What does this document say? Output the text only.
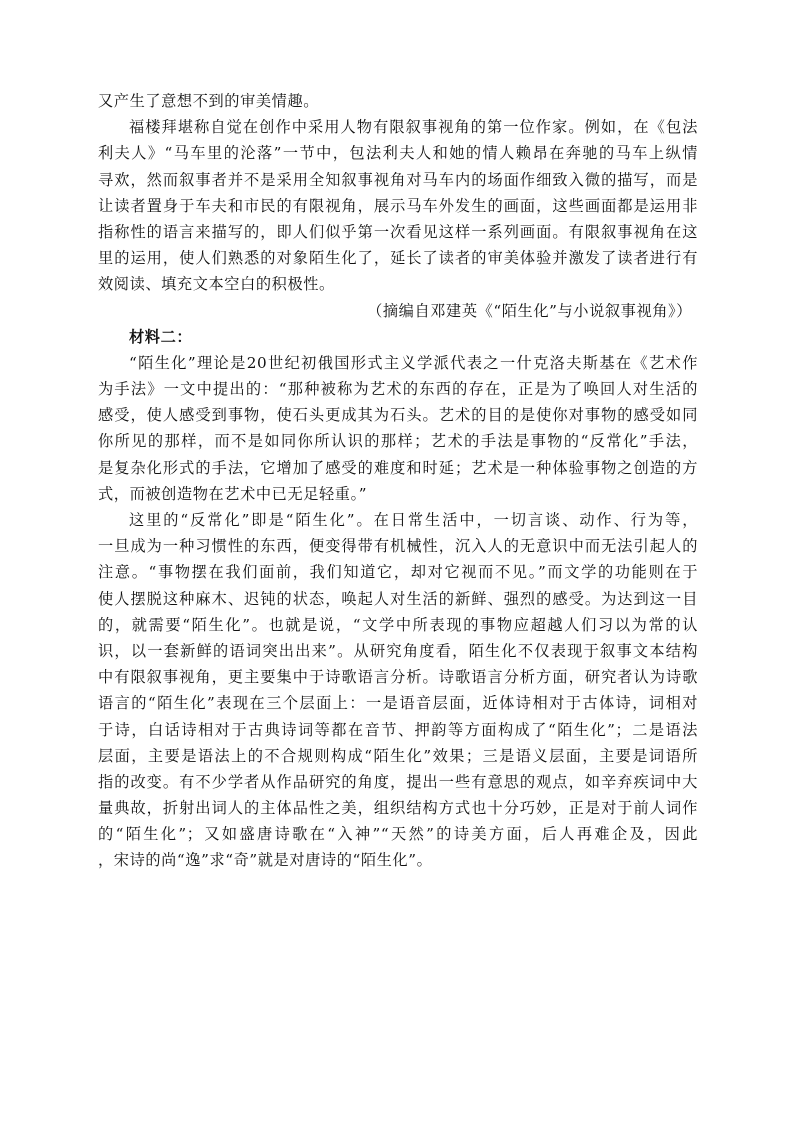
又产生了意想不到的审美情趣。
福楼拜堪称自觉在创作中采用人物有限叙事视角的第一位作家。例如，在《包法
利夫人》“马车里的沦落”一节中，包法利夫人和她的情人赖昂在奔驰的马车上纵情
寻欢，然而叙事者并不是采用全知叙事视角对马车内的场面作细致入微的描写，而是
让读者置身于车夫和市民的有限视角，展示马车外发生的画面，这些画面都是运用非
指称性的语言来描写的，即人们似乎第一次看见这样一系列画面。有限叙事视角在这
里的运用，使人们熟悉的对象陌生化了，延长了读者的审美体验并激发了读者进行有
效阅读、填充文本空白的积极性。
（摘编自邓建英《“陌生化”与小说叙事视角》）
材料二：
“陌生化”理论是20世纪初俄国形式主义学派代表之一什克洛夫斯基在《艺术作
为手法》一文中提出的：“那种被称为艺术的东西的存在，正是为了唤回人对生活的
感受，使人感受到事物，使石头更成其为石头。艺术的目的是使你对事物的感受如同
你所见的那样，而不是如同你所认识的那样；艺术的手法是事物的“反常化”手法，
是复杂化形式的手法，它增加了感受的难度和时延；艺术是一种体验事物之创造的方
式，而被创造物在艺术中已无足轻重。”
这里的“反常化”即是“陌生化”。在日常生活中，一切言谈、动作、行为等，
一旦成为一种习惯性的东西，便变得带有机械性，沉入人的无意识中而无法引起人的
注意。“事物摆在我们面前，我们知道它，却对它视而不见。”而文学的功能则在于
使人摆脱这种麻木、迟钝的状态，唤起人对生活的新鲜、强烈的感受。为达到这一目
的，就需要“陌生化”。也就是说，“文学中所表现的事物应超越人们习以为常的认
识，以一套新鲜的语词突出出来”。从研究角度看，陌生化不仅表现于叙事文本结构
中有限叙事视角，更主要集中于诗歌语言分析。诗歌语言分析方面，研究者认为诗歌
语言的“陌生化”表现在三个层面上：一是语音层面，近体诗相对于古体诗，词相对
于诗，白话诗相对于古典诗词等都在音节、押韵等方面构成了“陌生化”；二是语法
层面，主要是语法上的不合规则构成“陌生化”效果；三是语义层面，主要是词语所
指的改变。有不少学者从作品研究的角度，提出一些有意思的观点，如辛弃疾词中大
量典故，折射出词人的主体品性之美，组织结构方式也十分巧妙，正是对于前人词作
的“陌生化”；又如盛唐诗歌在“入神”“天然”的诗美方面，后人再难企及，因此
，宋诗的尚“逸”求“奇”就是对唐诗的“陌生化”。
